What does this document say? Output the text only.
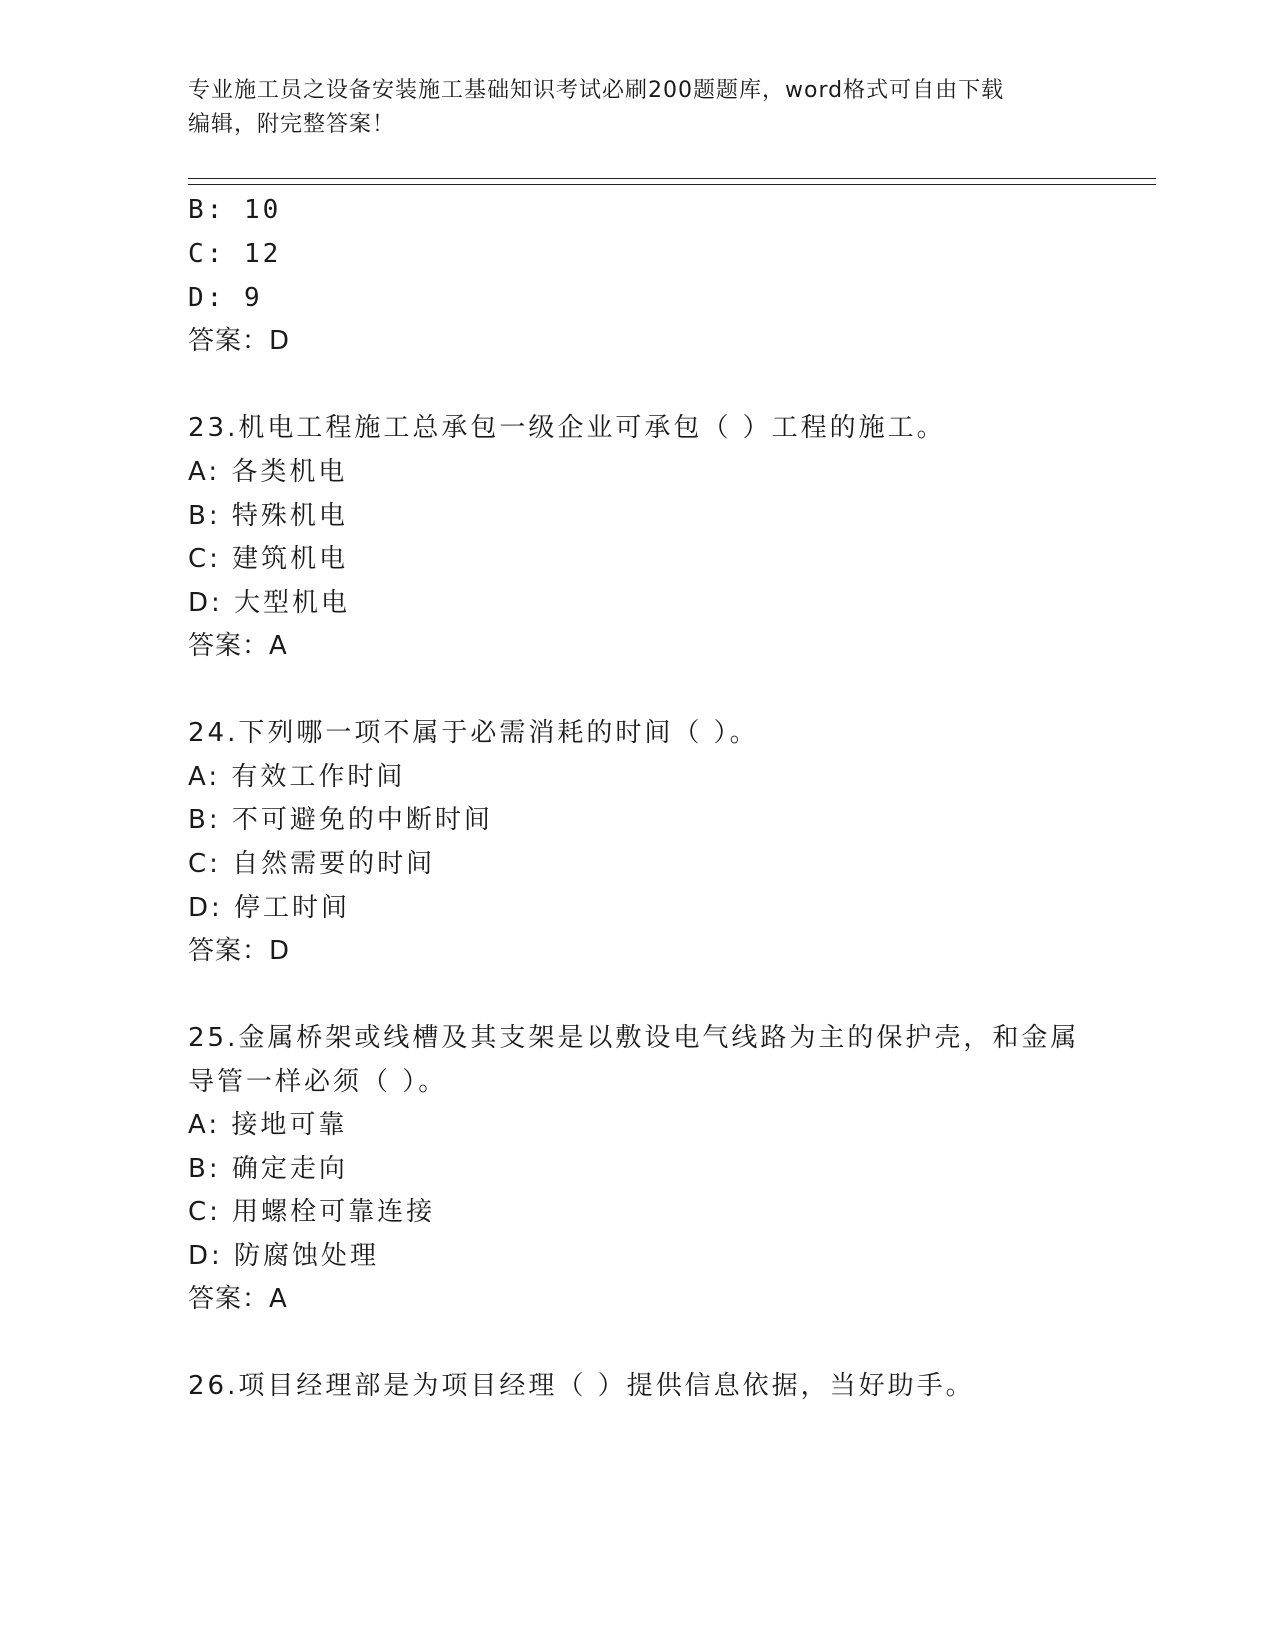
专业施工员之设备安装施工基础知识考试必刷200题题库，word格式可自由下载
编辑，附完整答案！
B: 10
C: 12
D: 9
答案：D
23.机电工程施工总承包一级企业可承包（ ）工程的施工。
A: 各类机电
B: 特殊机电
C: 建筑机电
D: 大型机电
答案：A
24.下列哪一项不属于必需消耗的时间（ ）。
A: 有效工作时间
B: 不可避免的中断时间
C: 自然需要的时间
D: 停工时间
答案：D
25.金属桥架或线槽及其支架是以敷设电气线路为主的保护壳，和金属
导管一样必须（ ）。
A: 接地可靠
B: 确定走向
C: 用螺栓可靠连接
D: 防腐蚀处理
答案：A
26.项目经理部是为项目经理（ ）提供信息依据，当好助手。
